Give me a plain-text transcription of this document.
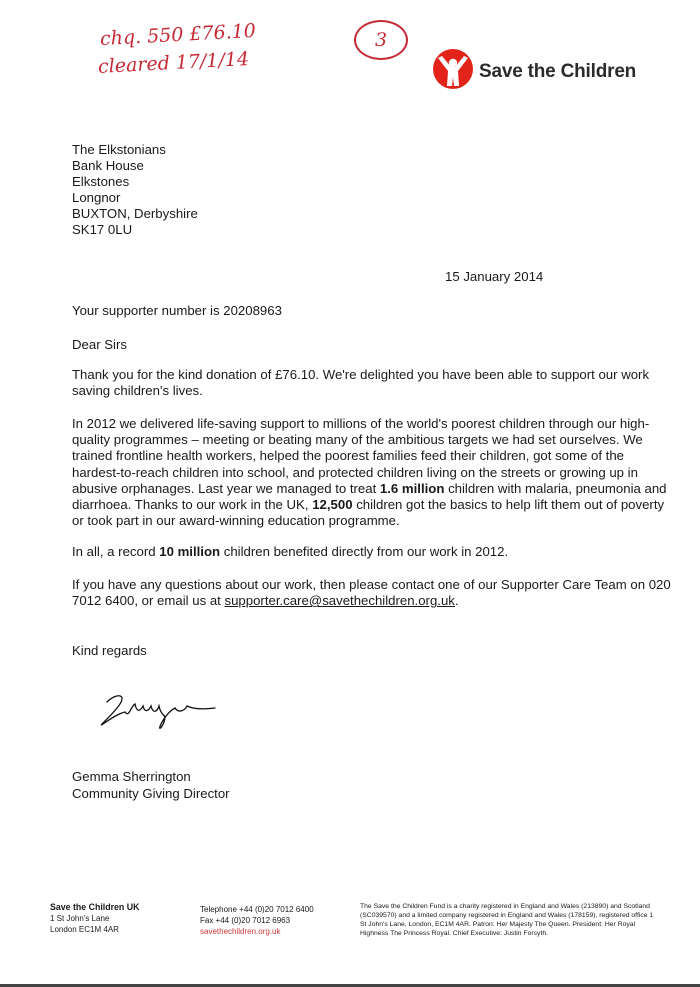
chq. 550 £76.10
cleared 17/1/14
3
Save the Children
The Elkstonians
Bank House
Elkstones
Longnor
BUXTON, Derbyshire
SK17 0LU
15 January 2014
Your supporter number is 20208963
Dear Sirs

Thank you for the kind donation of £76.10. We're delighted you have been able to support our work saving children's lives.

In 2012 we delivered life-saving support to millions of the world's poorest children through our high-quality programmes – meeting or beating many of the ambitious targets we had set ourselves. We trained frontline health workers, helped the poorest families feed their children, got some of the hardest-to-reach children into school, and protected children living on the streets or growing up in abusive orphanages. Last year we managed to treat 1.6 million children with malaria, pneumonia and diarrhoea. Thanks to our work in the UK, 12,500 children got the basics to help lift them out of poverty or took part in our award-winning education programme.

In all, a record 10 million children benefited directly from our work in 2012.

If you have any questions about our work, then please contact one of our Supporter Care Team on 020 7012 6400, or email us at supporter.care@savethechildren.org.uk.

Kind regards
Gemma Sherrington
Community Giving Director
Save the Children UK
1 St John's Lane
London EC1M 4AR
Telephone +44 (0)20 7012 6400
Fax +44 (0)20 7012 6963
savethechildren.org.uk
The Save the Children Fund is a charity registered in England and Wales (213890) and Scotland (SC039570) and a limited company registered in England and Wales (178159), registered office 1 St John's Lane, London, EC1M 4AR. Patron: Her Majesty The Queen. President: Her Royal Highness The Princess Royal. Chief Executive: Justin Forsyth.
